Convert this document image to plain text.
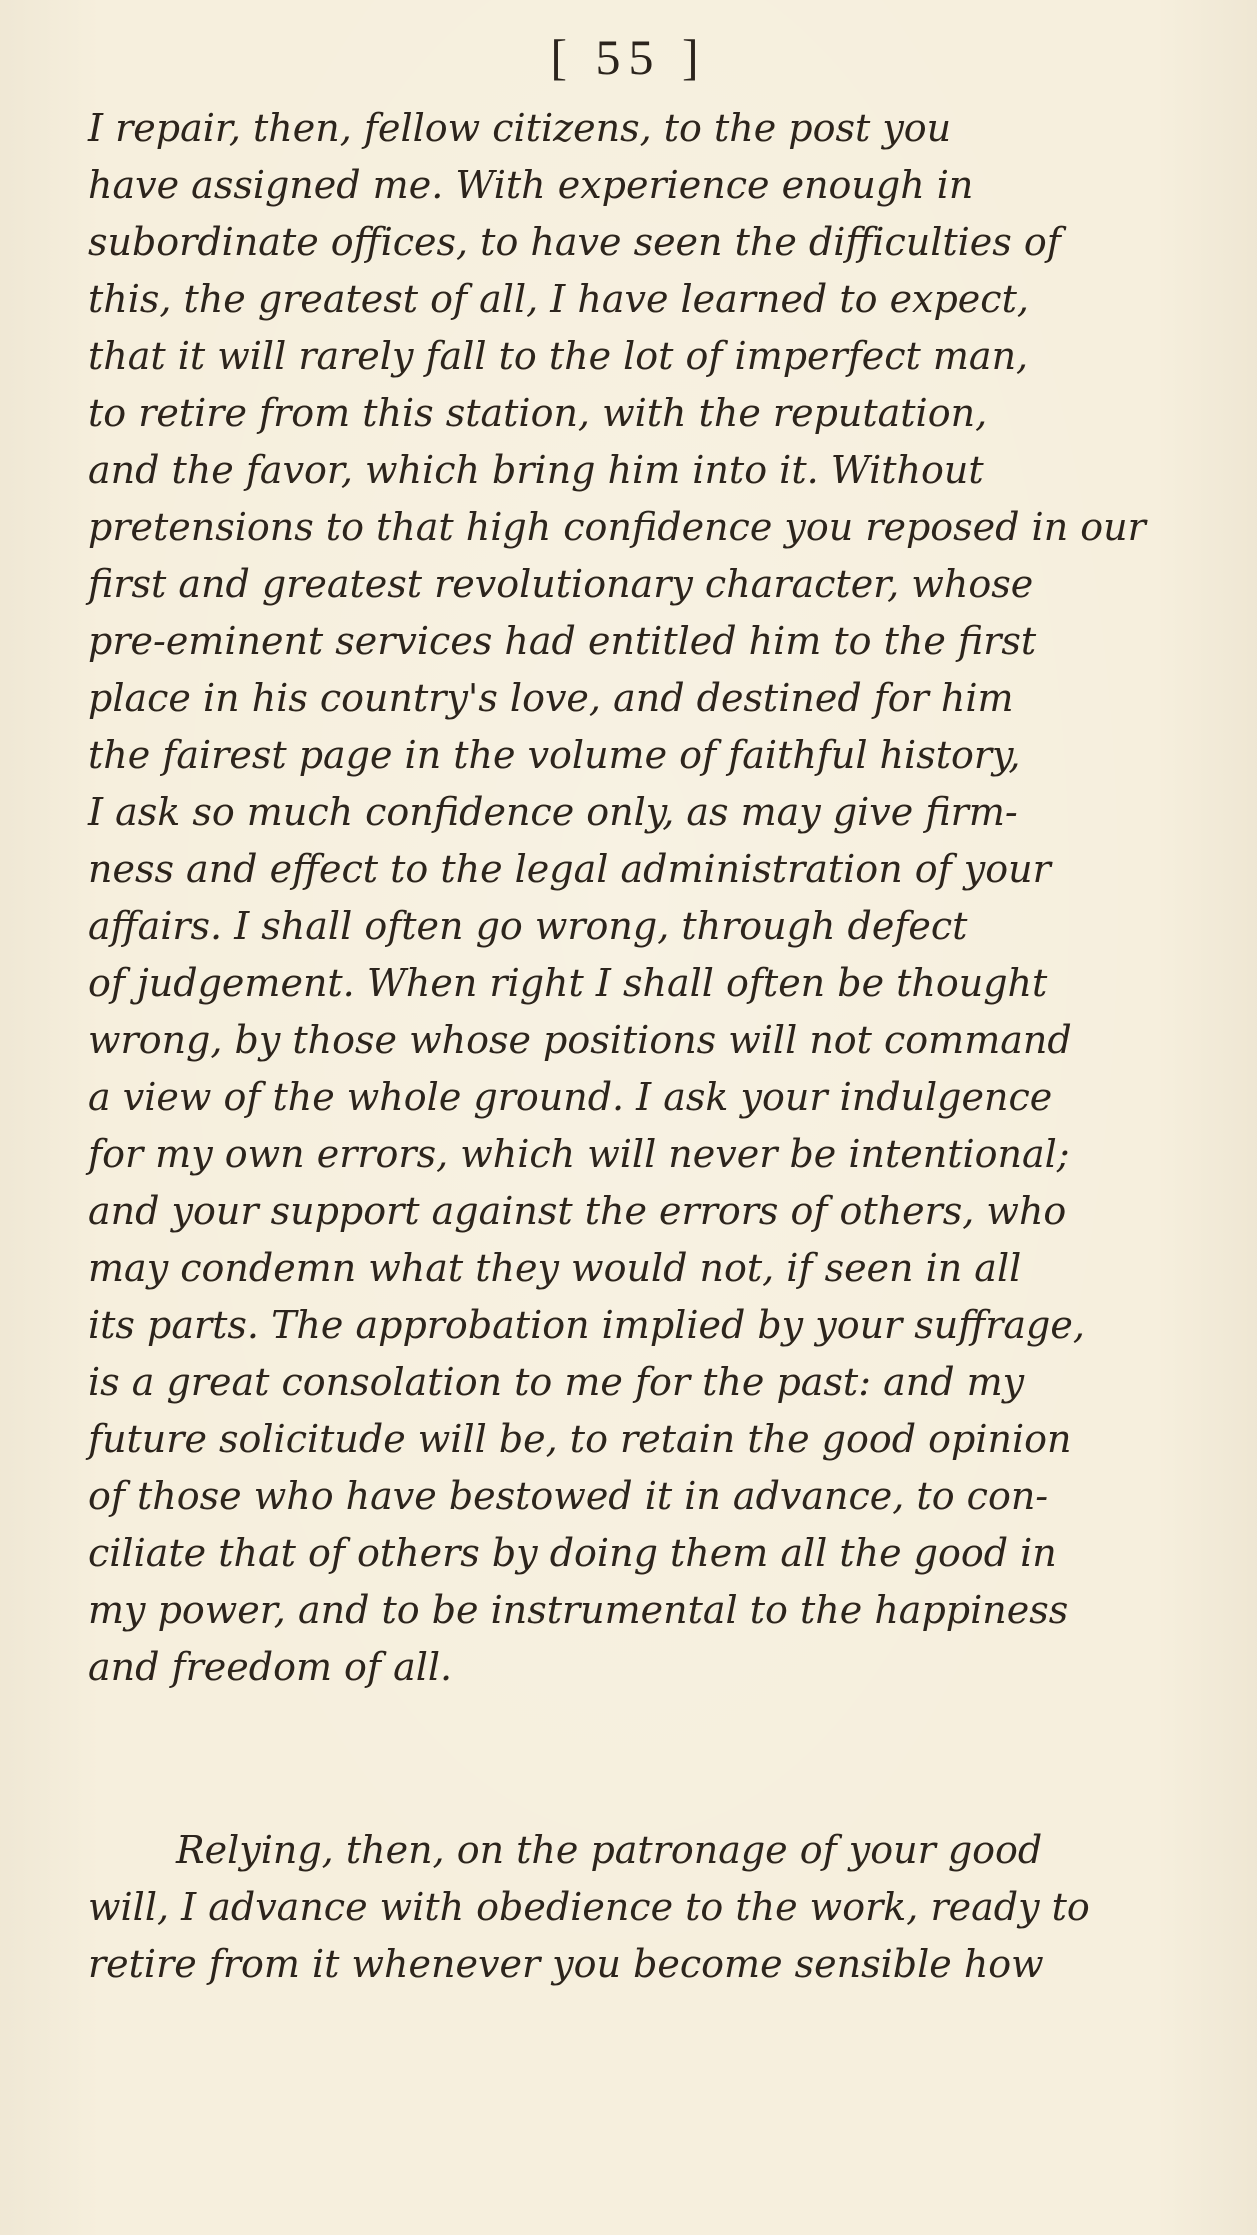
[ 55 ]
I repair, then, fellow citizens, to the post you
have assigned me. With experience enough in
subordinate offices, to have seen the difficulties of
this, the greatest of all, I have learned to expect,
that it will rarely fall to the lot of imperfect man,
to retire from this station, with the reputation,
and the favor, which bring him into it. Without
pretensions to that high confidence you reposed in our
first and greatest revolutionary character, whose
pre-eminent services had entitled him to the first
place in his country's love, and destined for him
the fairest page in the volume of faithful history,
I ask so much confidence only, as may give firm-
ness and effect to the legal administration of your
affairs. I shall often go wrong, through defect
of judgement. When right I shall often be thought
wrong, by those whose positions will not command
a view of the whole ground. I ask your indulgence
for my own errors, which will never be intentional;
and your support against the errors of others, who
may condemn what they would not, if seen in all
its parts. The approbation implied by your suffrage,
is a great consolation to me for the past: and my
future solicitude will be, to retain the good opinion
of those who have bestowed it in advance, to con-
ciliate that of others by doing them all the good in
my power, and to be instrumental to the happiness
and freedom of all.
Relying, then, on the patronage of your good
will, I advance with obedience to the work, ready to
retire from it whenever you become sensible how
